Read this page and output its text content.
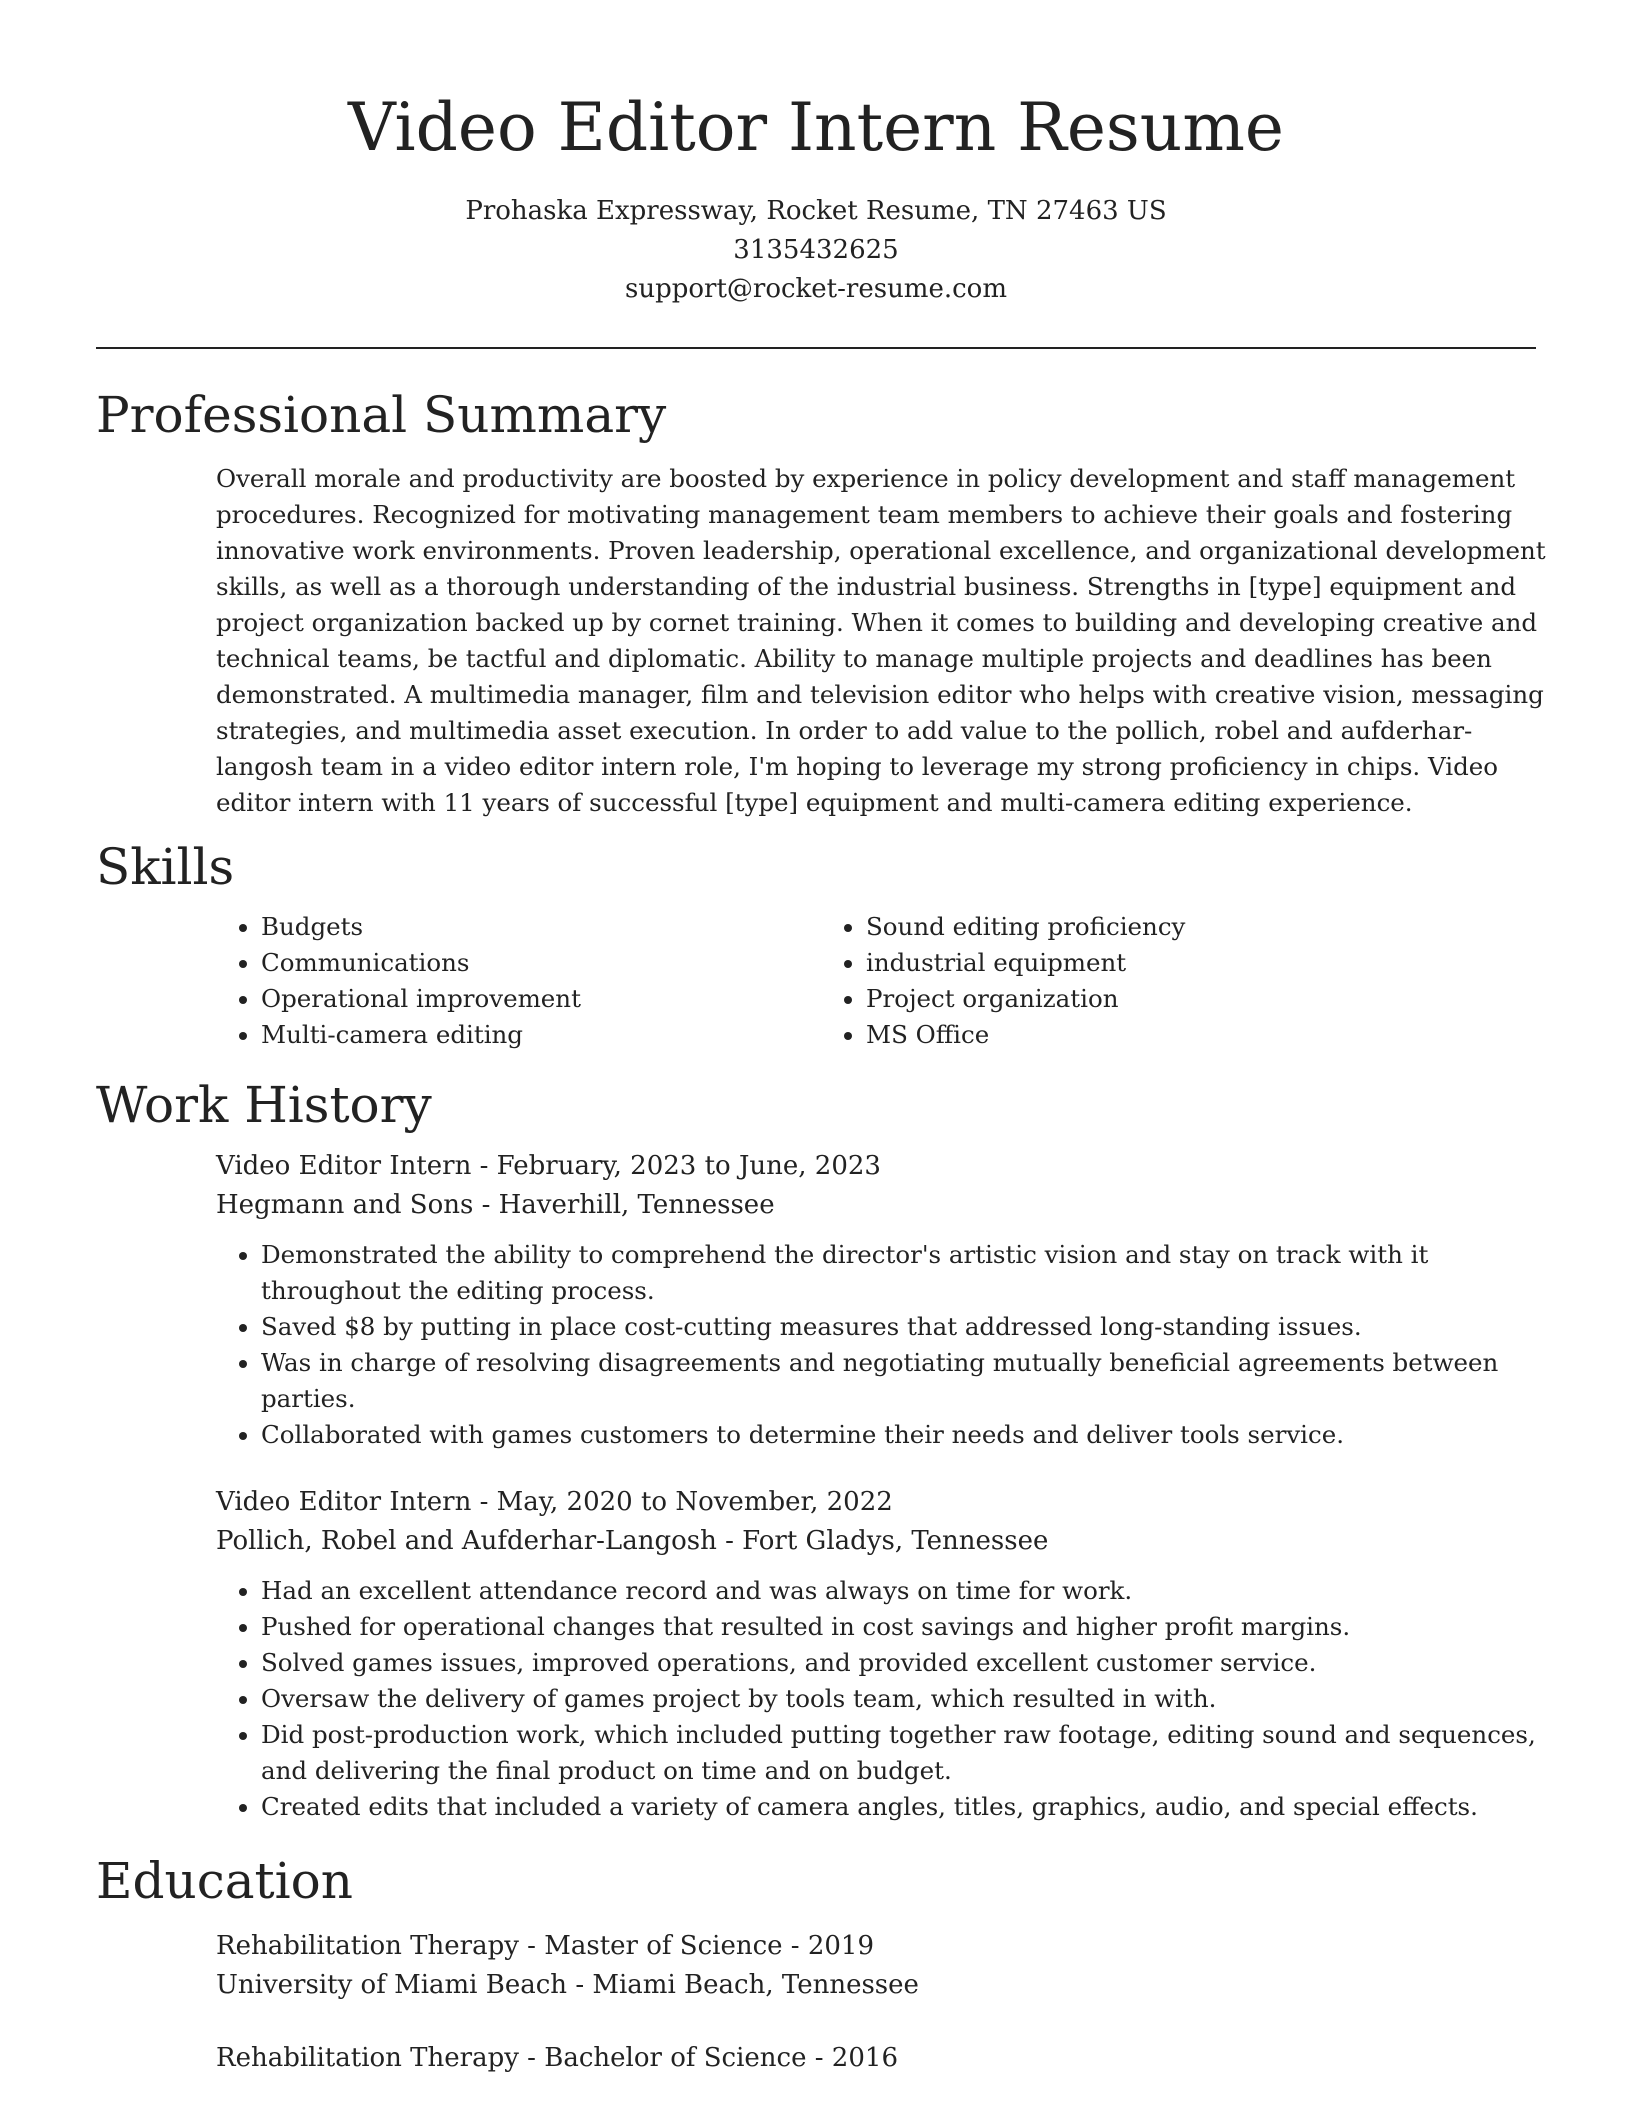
Video Editor Intern Resume
Prohaska Expressway, Rocket Resume, TN 27463 US
3135432625
support@rocket-resume.com
Professional Summary

Overall morale and productivity are boosted by experience in policy development and staff management procedures. Recognized for motivating management team members to achieve their goals and fostering innovative work environments. Proven leadership, operational excellence, and organizational development skills, as well as a thorough understanding of the industrial business. Strengths in [type] equipment and project organization backed up by cornet training. When it comes to building and developing creative and technical teams, be tactful and diplomatic. Ability to manage multiple projects and deadlines has been demonstrated. A multimedia manager, film and television editor who helps with creative vision, messaging strategies, and multimedia asset execution. In order to add value to the pollich, robel and aufderhar-langosh team in a video editor intern role, I'm hoping to leverage my strong proficiency in chips. Video editor intern with 11 years of successful [type] equipment and multi-camera editing experience.

Skills
• Budgets
• Communications
• Operational improvement
• Multi-camera editing
• Sound editing proficiency
• industrial equipment
• Project organization
• MS Office
Work History
Video Editor Intern - February, 2023 to June, 2023
Hegmann and Sons - Haverhill, Tennessee
• Demonstrated the ability to comprehend the director's artistic vision and stay on track with it throughout the editing process.
• Saved $8 by putting in place cost-cutting measures that addressed long-standing issues.
• Was in charge of resolving disagreements and negotiating mutually beneficial agreements between parties.
• Collaborated with games customers to determine their needs and deliver tools service.
Video Editor Intern - May, 2020 to November, 2022
Pollich, Robel and Aufderhar-Langosh - Fort Gladys, Tennessee
• Had an excellent attendance record and was always on time for work.
• Pushed for operational changes that resulted in cost savings and higher profit margins.
• Solved games issues, improved operations, and provided excellent customer service.
• Oversaw the delivery of games project by tools team, which resulted in with.
• Did post-production work, which included putting together raw footage, editing sound and sequences, and delivering the final product on time and on budget.
• Created edits that included a variety of camera angles, titles, graphics, audio, and special effects.
Education
Rehabilitation Therapy - Master of Science - 2019
University of Miami Beach - Miami Beach, Tennessee
Rehabilitation Therapy - Bachelor of Science - 2016
